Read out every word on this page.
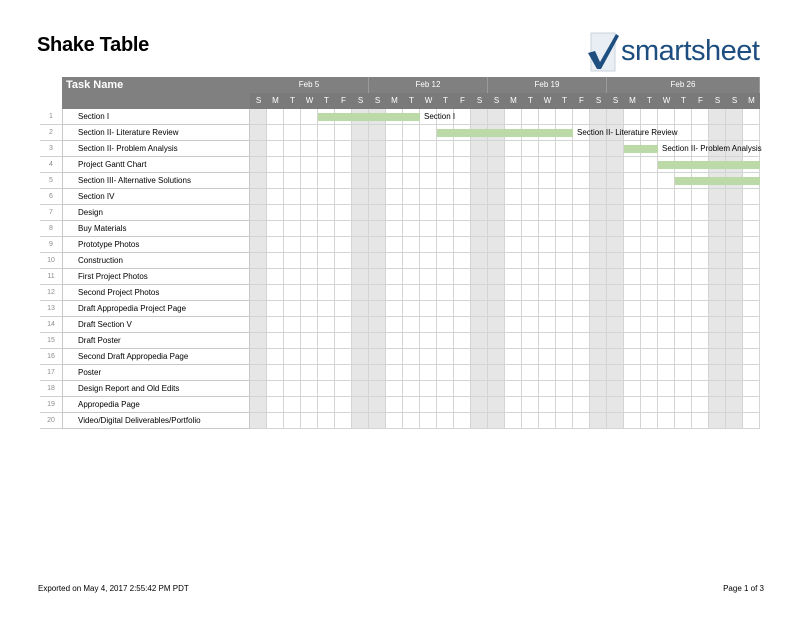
Shake Table	smartsheet
Task Name	Feb 5	Feb 12	Feb 19	Feb 26
S	M	T	W	T	F	S	S	M	T	W	T	F	S	S	M	T	W	T	F	S	S	M	T	W	T	F	S	S	M
1	Section I	Section I
2	Section II- Literature Review	Section II- Literature Review
3	Section II- Problem Analysis	Section II- Problem Analysis
4	Project Gantt Chart
5	Section III- Alternative Solutions
6	Section IV
7	Design
8	Buy Materials
9	Prototype Photos
10	Construction
11	First Project Photos
12	Second Project Photos
13	Draft Appropedia Project Page
14	Draft Section V
15	Draft Poster
16	Second Draft Appropedia Page
17	Poster
18	Design Report and Old Edits
19	Appropedia Page
20	Video/Digital Deliverables/Portfolio
Exported on May 4, 2017 2:55:42 PM PDT	Page 1 of 3
